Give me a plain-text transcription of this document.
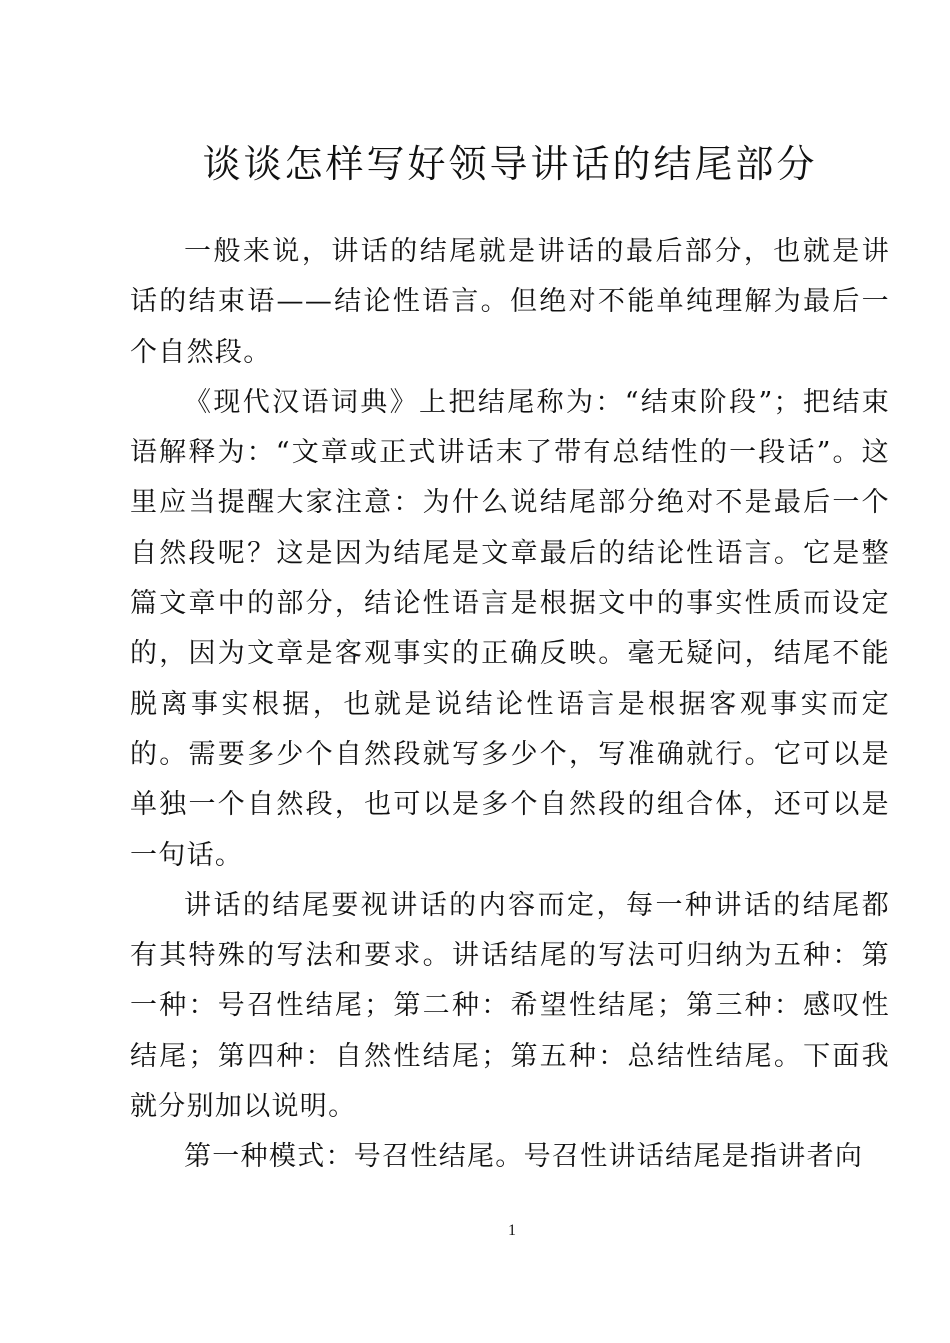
谈谈怎样写好领导讲话的结尾部分

一般来说，讲话的结尾就是讲话的最后部分，也就是讲话的结束语——结论性语言。但绝对不能单纯理解为最后一个自然段。

《现代汉语词典》上把结尾称为：“结束阶段”；把结束语解释为：“文章或正式讲话末了带有总结性的一段话”。这里应当提醒大家注意：为什么说结尾部分绝对不是最后一个自然段呢？这是因为结尾是文章最后的结论性语言。它是整篇文章中的部分，结论性语言是根据文中的事实性质而设定的，因为文章是客观事实的正确反映。毫无疑问，结尾不能脱离事实根据，也就是说结论性语言是根据客观事实而定的。需要多少个自然段就写多少个，写准确就行。它可以是单独一个自然段，也可以是多个自然段的组合体，还可以是一句话。

讲话的结尾要视讲话的内容而定，每一种讲话的结尾都有其特殊的写法和要求。讲话结尾的写法可归纳为五种：第一种：号召性结尾；第二种：希望性结尾；第三种：感叹性结尾；第四种：自然性结尾；第五种：总结性结尾。下面我就分别加以说明。

第一种模式：号召性结尾。号召性讲话结尾是指讲者向

1
